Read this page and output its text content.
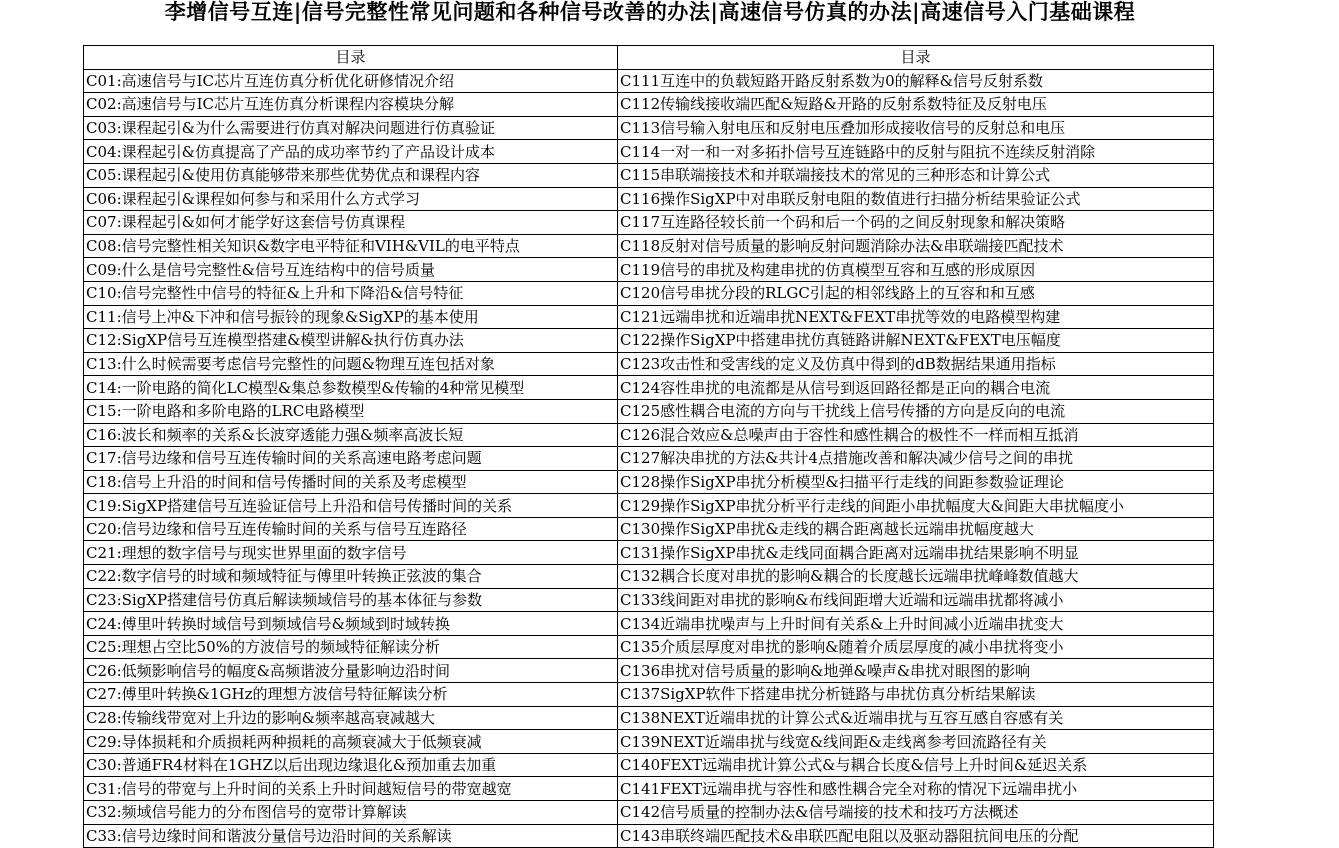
李增信号互连|信号完整性常见问题和各种信号改善的办法|高速信号仿真的办法|高速信号入门基础课程
目录	目录
C01:高速信号与IC芯片互连仿真分析优化研修情况介绍	C111互连中的负载短路开路反射系数为0的解释&信号反射系数
C02:高速信号与IC芯片互连仿真分析课程内容模块分解	C112传输线接收端匹配&短路&开路的反射系数特征及反射电压
C03:课程起引&为什么需要进行仿真对解决问题进行仿真验证	C113信号输入射电压和反射电压叠加形成接收信号的反射总和电压
C04:课程起引&仿真提高了产品的成功率节约了产品设计成本	C114一对一和一对多拓扑信号互连链路中的反射与阻抗不连续反射消除
C05:课程起引&使用仿真能够带来那些优势优点和课程内容	C115串联端接技术和并联端接技术的常见的三种形态和计算公式
C06:课程起引&课程如何参与和采用什么方式学习	C116操作SigXP中对串联反射电阻的数值进行扫描分析结果验证公式
C07:课程起引&如何才能学好这套信号仿真课程	C117互连路径较长前一个码和后一个码的之间反射现象和解决策略
C08:信号完整性相关知识&数字电平特征和VIH&VIL的电平特点	C118反射对信号质量的影响反射问题消除办法&串联端接匹配技术
C09:什么是信号完整性&信号互连结构中的信号质量	C119信号的串扰及构建串扰的仿真模型互容和互感的形成原因
C10:信号完整性中信号的特征&上升和下降沿&信号特征	C120信号串扰分段的RLGC引起的相邻线路上的互容和和互感
C11:信号上冲&下冲和信号振铃的现象&SigXP的基本使用	C121远端串扰和近端串扰NEXT&FEXT串扰等效的电路模型构建
C12:SigXP信号互连模型搭建&模型讲解&执行仿真办法	C122操作SigXP中搭建串扰仿真链路讲解NEXT&FEXT电压幅度
C13:什么时候需要考虑信号完整性的问题&物理互连包括对象	C123攻击性和受害线的定义及仿真中得到的dB数据结果通用指标
C14:一阶电路的简化LC模型&集总参数模型&传输的4种常见模型	C124容性串扰的电流都是从信号到返回路径都是正向的耦合电流
C15:一阶电路和多阶电路的LRC电路模型	C125感性耦合电流的方向与干扰线上信号传播的方向是反向的电流
C16:波长和频率的关系&长波穿透能力强&频率高波长短	C126混合效应&总噪声由于容性和感性耦合的极性不一样而相互抵消
C17:信号边缘和信号互连传输时间的关系高速电路考虑问题	C127解决串扰的方法&共计4点措施改善和解决减少信号之间的串扰
C18:信号上升沿的时间和信号传播时间的关系及考虑模型	C128操作SigXP串扰分析模型&扫描平行走线的间距参数验证理论
C19:SigXP搭建信号互连验证信号上升沿和信号传播时间的关系	C129操作SigXP串扰分析平行走线的间距小串扰幅度大&间距大串扰幅度小
C20:信号边缘和信号互连传输时间的关系与信号互连路径	C130操作SigXP串扰&走线的耦合距离越长远端串扰幅度越大
C21:理想的数字信号与现实世界里面的数字信号	C131操作SigXP串扰&走线同面耦合距离对远端串扰结果影响不明显
C22:数字信号的时域和频域特征与傅里叶转换正弦波的集合	C132耦合长度对串扰的影响&耦合的长度越长远端串扰峰峰数值越大
C23:SigXP搭建信号仿真后解读频域信号的基本体征与参数	C133线间距对串扰的影响&布线间距增大近端和远端串扰都将减小
C24:傅里叶转换时域信号到频域信号&频域到时域转换	C134近端串扰噪声与上升时间有关系&上升时间减小近端串扰变大
C25:理想占空比50%的方波信号的频域特征解读分析	C135介质层厚度对串扰的影响&随着介质层厚度的减小串扰将变小
C26:低频影响信号的幅度&高频谐波分量影响边沿时间	C136串扰对信号质量的影响&地弹&噪声&串扰对眼图的影响
C27:傅里叶转换&1GHz的理想方波信号特征解读分析	C137SigXP软件下搭建串扰分析链路与串扰仿真分析结果解读
C28:传输线带宽对上升边的影响&频率越高衰减越大	C138NEXT近端串扰的计算公式&近端串扰与互容互感自容感有关
C29:导体损耗和介质损耗两种损耗的高频衰减大于低频衰减	C139NEXT近端串扰与线宽&线间距&走线离参考回流路径有关
C30:普通FR4材料在1GHZ以后出现边缘退化&预加重去加重	C140FEXT远端串扰计算公式&与耦合长度&信号上升时间&延迟关系
C31:信号的带宽与上升时间的关系上升时间越短信号的带宽越宽	C141FEXT远端串扰与容性和感性耦合完全对称的情况下远端串扰小
C32:频域信号能力的分布图信号的宽带计算解读	C142信号质量的控制办法&信号端接的技术和技巧方法概述
C33:信号边缘时间和谐波分量信号边沿时间的关系解读	C143串联终端匹配技术&串联匹配电阻以及驱动器阻抗间电压的分配
